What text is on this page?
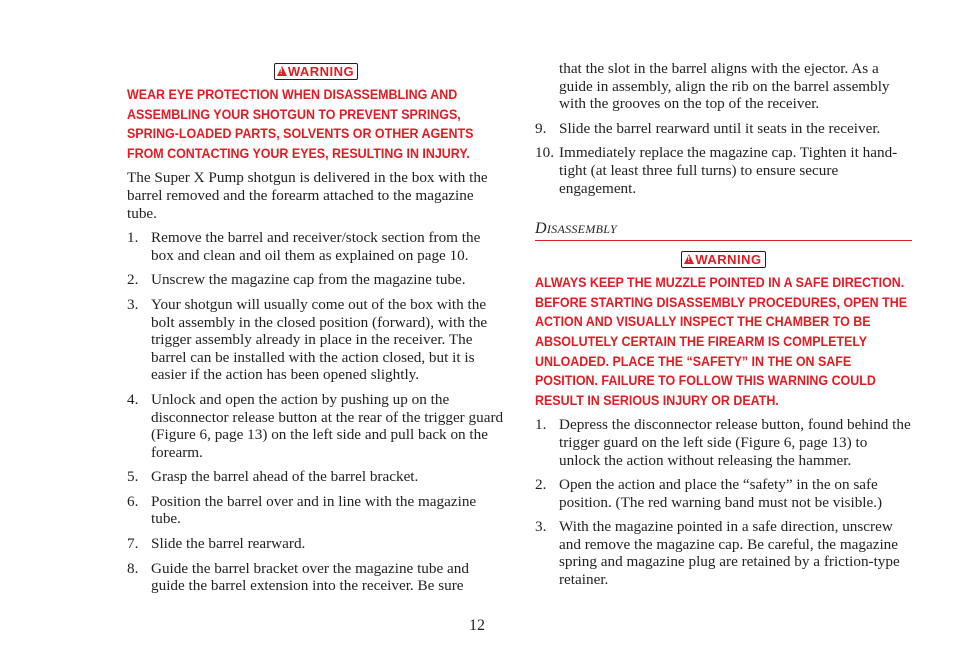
!WARNING
WEAR EYE PROTECTION WHEN DISASSEMBLING AND ASSEMBLING YOUR SHOTGUN TO PREVENT SPRINGS, SPRING-LOADED PARTS, SOLVENTS OR OTHER AGENTS FROM CONTACTING YOUR EYES, RESULTING IN INJURY.

The Super X Pump shotgun is delivered in the box with the barrel removed and the forearm attached to the magazine tube.

1. Remove the barrel and receiver/stock section from the box and clean and oil them as explained on page 10.
2. Unscrew the magazine cap from the magazine tube.
3. Your shotgun will usually come out of the box with the bolt assembly in the closed position (forward), with the trigger assembly already in place in the receiver. The barrel can be installed with the action closed, but it is easier if the action has been opened slightly.
4. Unlock and open the action by pushing up on the disconnector release button at the rear of the trigger guard (Figure 6, page 13) on the left side and pull back on the forearm.
5. Grasp the barrel ahead of the barrel bracket.
6. Position the barrel over and in line with the magazine tube.
7. Slide the barrel rearward.
8. Guide the barrel bracket over the magazine tube and guide the barrel extension into the receiver. Be sure

that the slot in the barrel aligns with the ejector. As a guide in assembly, align the rib on the barrel assembly with the grooves on the top of the receiver.

9. Slide the barrel rearward until it seats in the receiver.
10. Immediately replace the magazine cap. Tighten it hand-tight (at least three full turns) to ensure secure engagement.
DISASSEMBLY
!WARNING
ALWAYS KEEP THE MUZZLE POINTED IN A SAFE DIRECTION. BEFORE STARTING DISASSEMBLY PROCEDURES, OPEN THE ACTION AND VISUALLY INSPECT THE CHAMBER TO BE ABSOLUTELY CERTAIN THE FIREARM IS COMPLETELY UNLOADED. PLACE THE “SAFETY” IN THE ON SAFE POSITION. FAILURE TO FOLLOW THIS WARNING COULD RESULT IN SERIOUS INJURY OR DEATH.
1. Depress the disconnector release button, found behind the trigger guard on the left side (Figure 6, page 13) to unlock the action without releasing the hammer.
2. Open the action and place the “safety” in the on safe position. (The red warning band must not be visible.)
3. With the magazine pointed in a safe direction, unscrew and remove the magazine cap. Be careful, the magazine spring and magazine plug are retained by a friction-type retainer.
12
